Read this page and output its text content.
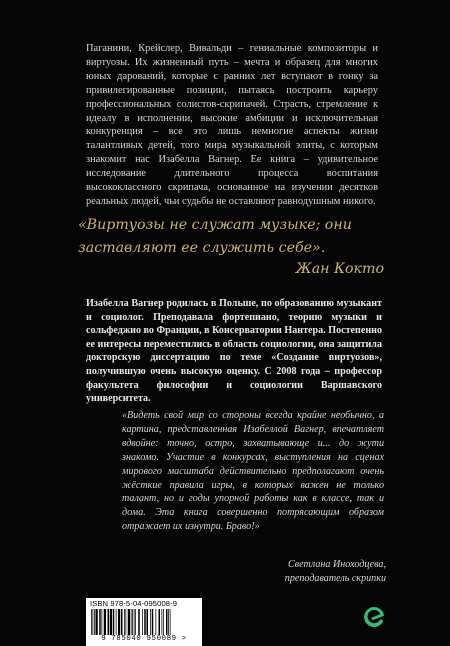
Паганини, Крейслер, Вивальди – гениальные композиторы и виртуозы. Их жизненный путь – мечта и образец для многих юных дарований, которые с ранних лет вступают в гонку за привилегированные позиции, пытаясь построить карьеру профессиональных солистов-скрипачей. Страсть, стремление к идеалу в исполнении, высокие амбиции и исключительная конкуренция – все это лишь немногие аспекты жизни талантливых детей, того мира музыкальной элиты, с которым знакомит нас Изабелла Вагнер. Ее книга – удивительное исследование длительного процесса воспитания высококлассного скрипача, основанное на изучении десятков реальных людей, чьи судьбы не оставляют равнодушным никого.

«Виртуозы не служат музыке; они заставляют ее служить себе».

Жан Кокто

Изабелла Вагнер родилась в Польше, по образованию музыкант и социолог. Преподавала фортепиано, теорию музыки и сольфеджио во Франции, в Консерватории Нантера. Постепенно ее интересы переместились в область социологии, она защитила докторскую диссертацию по теме «Создание виртуозов», получившую очень высокую оценку. С 2008 года – профессор факультета философии и социологии Варшавского университета.

«Видеть свой мир со стороны всегда крайне необычно, а картина, представленная Изабеллой Вагнер, впечатляет вдвойне: точно, остро, захватывающе и... до жути знакомо. Участие в конкурсах, выступления на сценах мирового масштаба действительно предполагают очень жёсткие правила игры, в которых важен не только талант, но и годы упорной работы как в классе, так и дома. Эта книга совершенно потрясающим образом отражает их изнутри. Браво!»

Светлана Иноходцева,
преподаватель скрипки
ISBN 978-5-04-095008-9
9 785040 950089 >
